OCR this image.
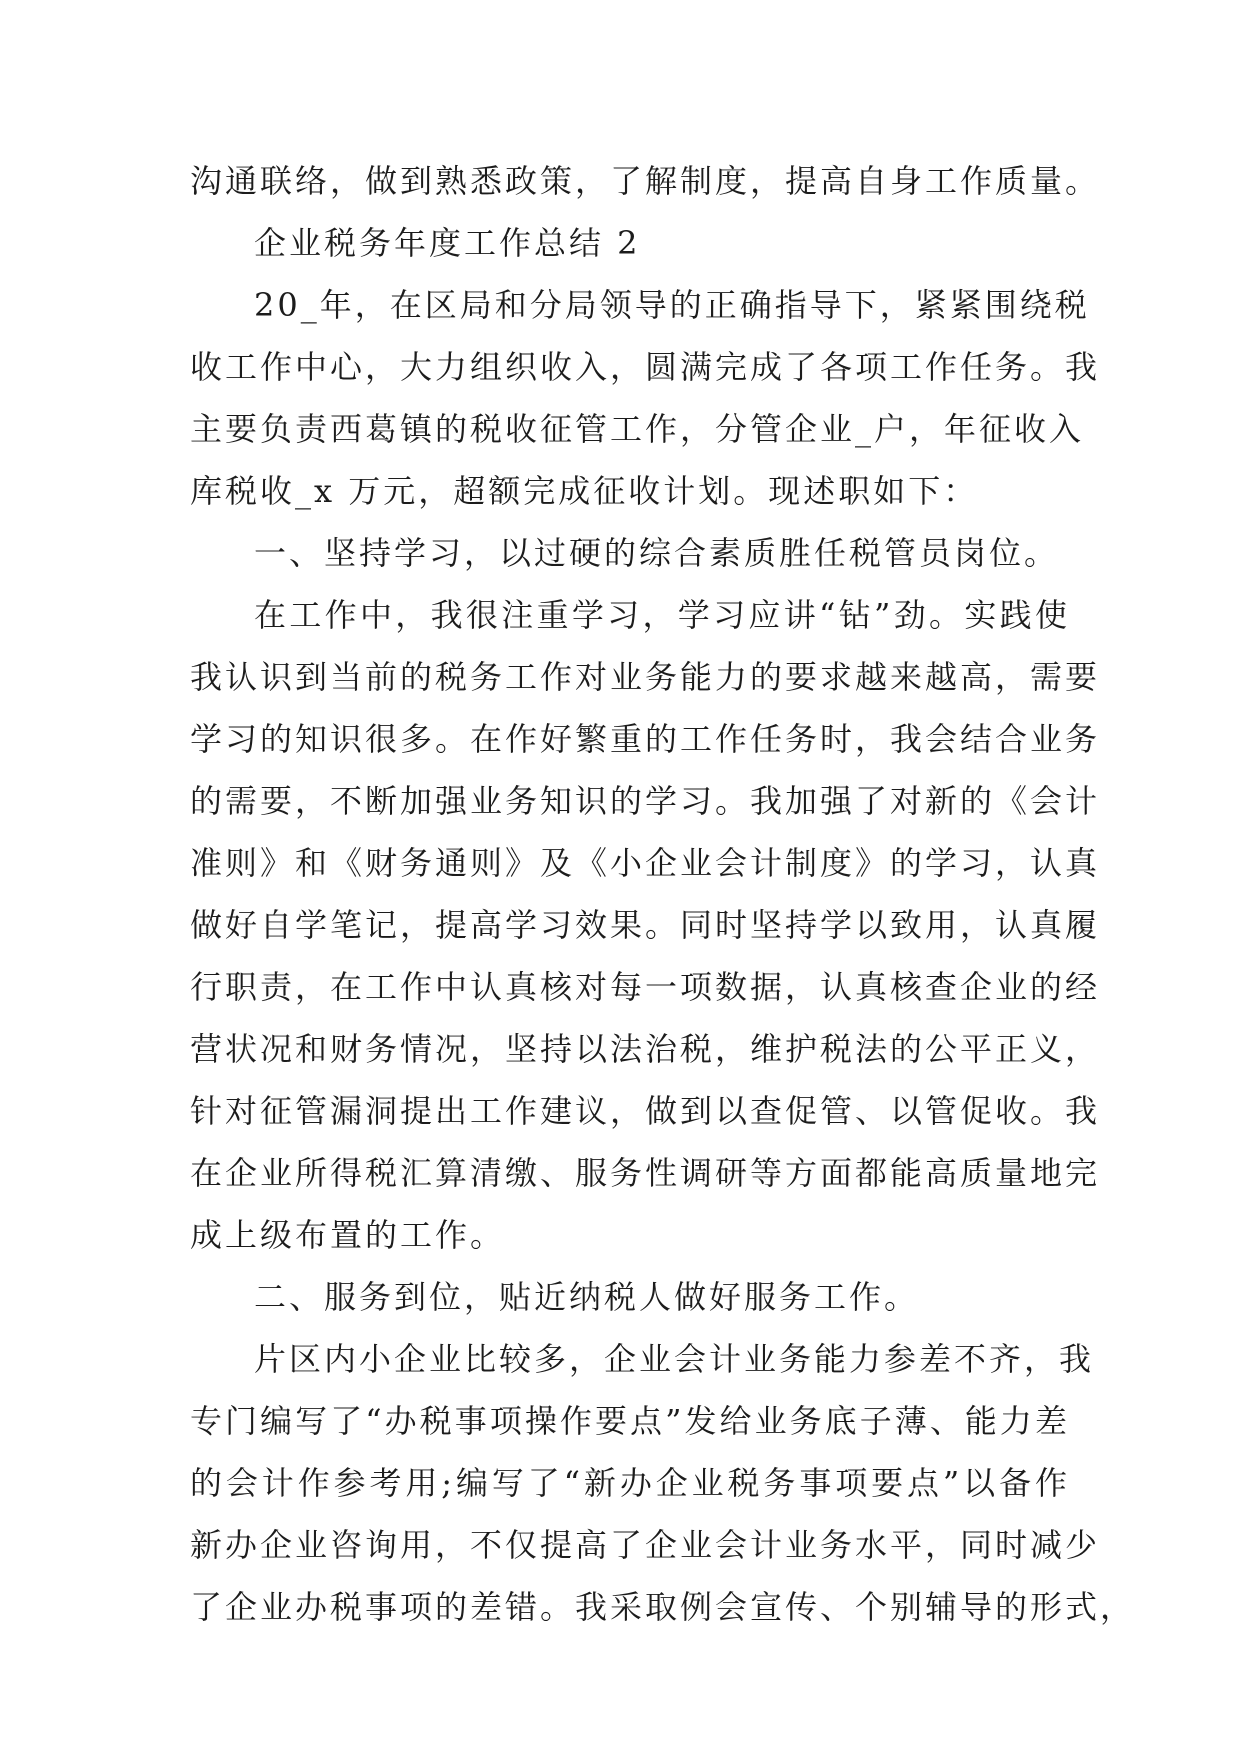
沟通联络，做到熟悉政策，了解制度，提高自身工作质量。
企业税务年度工作总结 2
20_年，在区局和分局领导的正确指导下，紧紧围绕税
收工作中心，大力组织收入，圆满完成了各项工作任务。我
主要负责西葛镇的税收征管工作，分管企业_户，年征收入
库税收_x 万元，超额完成征收计划。现述职如下：
一、坚持学习，以过硬的综合素质胜任税管员岗位。
在工作中，我很注重学习，学习应讲“钻”劲。实践使
我认识到当前的税务工作对业务能力的要求越来越高，需要
学习的知识很多。在作好繁重的工作任务时，我会结合业务
的需要，不断加强业务知识的学习。我加强了对新的《会计
准则》和《财务通则》及《小企业会计制度》的学习，认真
做好自学笔记，提高学习效果。同时坚持学以致用，认真履
行职责，在工作中认真核对每一项数据，认真核查企业的经
营状况和财务情况，坚持以法治税，维护税法的公平正义，
针对征管漏洞提出工作建议，做到以查促管、以管促收。我
在企业所得税汇算清缴、服务性调研等方面都能高质量地完
成上级布置的工作。
二、服务到位，贴近纳税人做好服务工作。
片区内小企业比较多，企业会计业务能力参差不齐，我
专门编写了“办税事项操作要点”发给业务底子薄、能力差
的会计作参考用;编写了“新办企业税务事项要点”以备作
新办企业咨询用，不仅提高了企业会计业务水平，同时减少
了企业办税事项的差错。我采取例会宣传、个别辅导的形式，
